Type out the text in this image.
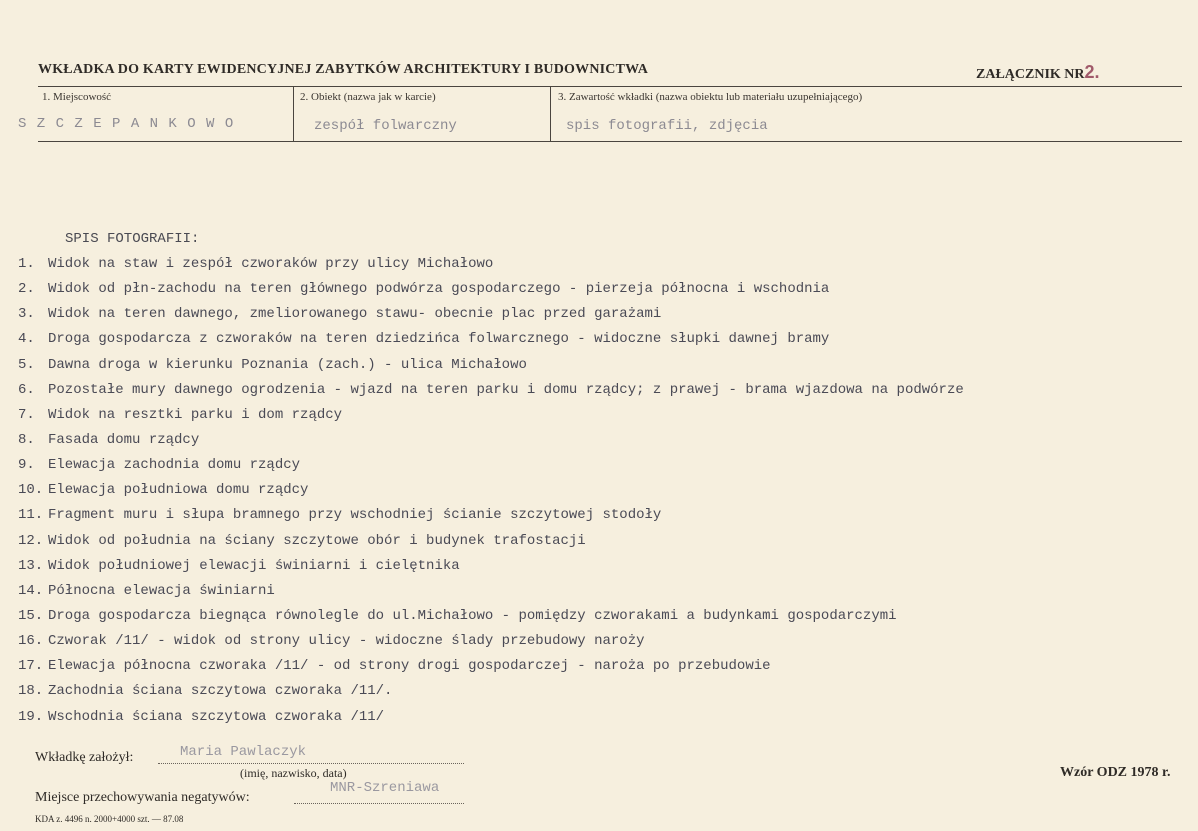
WKŁADKA DO KARTY EWIDENCYJNEJ ZABYTKÓW ARCHITEKTURY I BUDOWNICTWA	ZAŁĄCZNIK NR2.
1. Miejscowość
S Z C Z E P A N K O W O
2. Obiekt (nazwa jak w karcie)
zespół folwarczny
3. Zawartość wkładki (nazwa obiektu lub materiału uzupełniającego)
spis fotografii, zdjęcia
SPIS FOTOGRAFII:
1. Widok na staw i zespół czworaków przy ulicy Michałowo
2. Widok od płn-zachodu na teren głównego podwórza gospodarczego - pierzeja północna i wschodnia
3. Widok na teren dawnego, zmeliorowanego stawu- obecnie plac przed garażami
4. Droga gospodarcza z czworaków na teren dziedzińca folwarcznego - widoczne słupki dawnej bramy
5. Dawna droga w kierunku Poznania (zach.) - ulica Michałowo
6. Pozostałe mury dawnego ogrodzenia - wjazd na teren parku i domu rządcy; z prawej - brama wjazdowa na podwórze
7. Widok na resztki parku i dom rządcy
8. Fasada domu rządcy
9. Elewacja zachodnia domu rządcy
10. Elewacja południowa domu rządcy
11. Fragment muru i słupa bramnego przy wschodniej ścianie szczytowej stodoły
12. Widok od południa na ściany szczytowe obór i budynek trafostacji
13. Widok południowej elewacji świniarni i cielętnika
14. Północna elewacja świniarni
15. Droga gospodarcza biegnąca równolegle do ul.Michałowo - pomiędzy czworakami a budynkami gospodarczymi
16. Czworak /11/ - widok od strony ulicy - widoczne ślady przebudowy naroży
17. Elewacja północna czworaka /11/ - od strony drogi gospodarczej - naroża po przebudowie
18. Zachodnia ściana szczytowa czworaka /11/.
19. Wschodnia ściana szczytowa czworaka /11/
Wkładkę założył:	Maria Pawlaczyk
(imię, nazwisko, data)
Miejsce przechowywania negatywów:
MNR-Szreniawa
KDA z. 4496 n. 2000+4000 szt. — 87.08
Wzór ODZ 1978 r.
